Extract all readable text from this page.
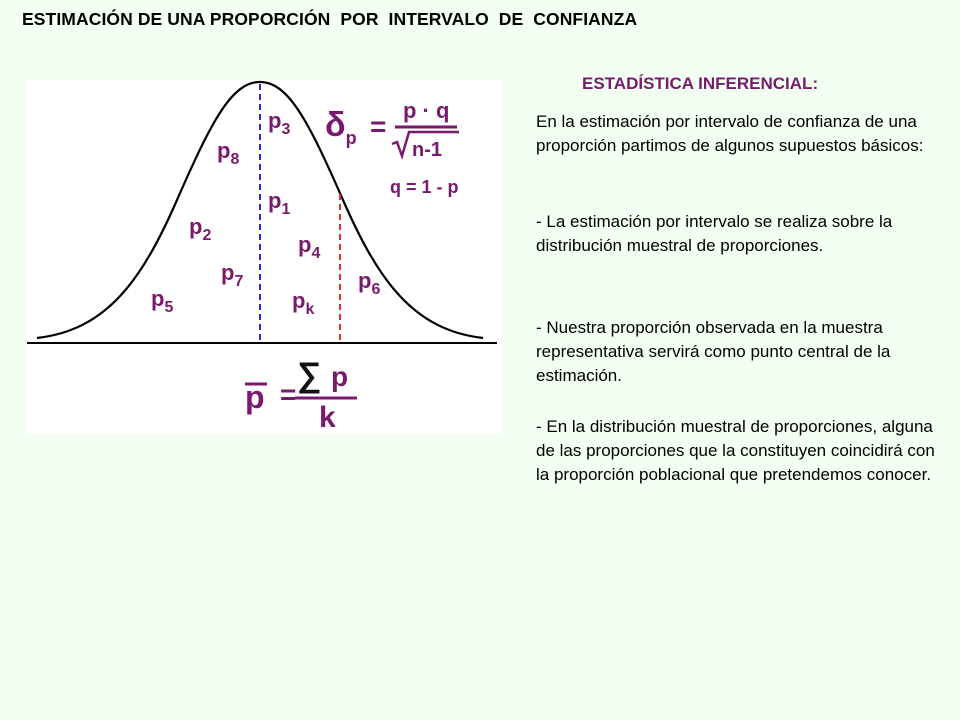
ESTIMACIÓN DE UNA PROPORCIÓN  POR  INTERVALO  DE  CONFIANZA
p3
p8
p1
p2	p4
p7	p6
p5	pk
δp =
p · q
n-1
q = 1 - p
p =
∑ p
k
ESTADÍSTICA INFERENCIAL:
En la estimación por intervalo de confianza de una proporción partimos de algunos supuestos básicos:
- La estimación por intervalo se realiza sobre la distribución muestral de proporciones.
- Nuestra proporción observada en la muestra representativa servirá como punto central de la estimación.
- En la distribución muestral de proporciones, alguna de las proporciones que la constituyen coincidirá con la proporción poblacional que pretendemos conocer.
